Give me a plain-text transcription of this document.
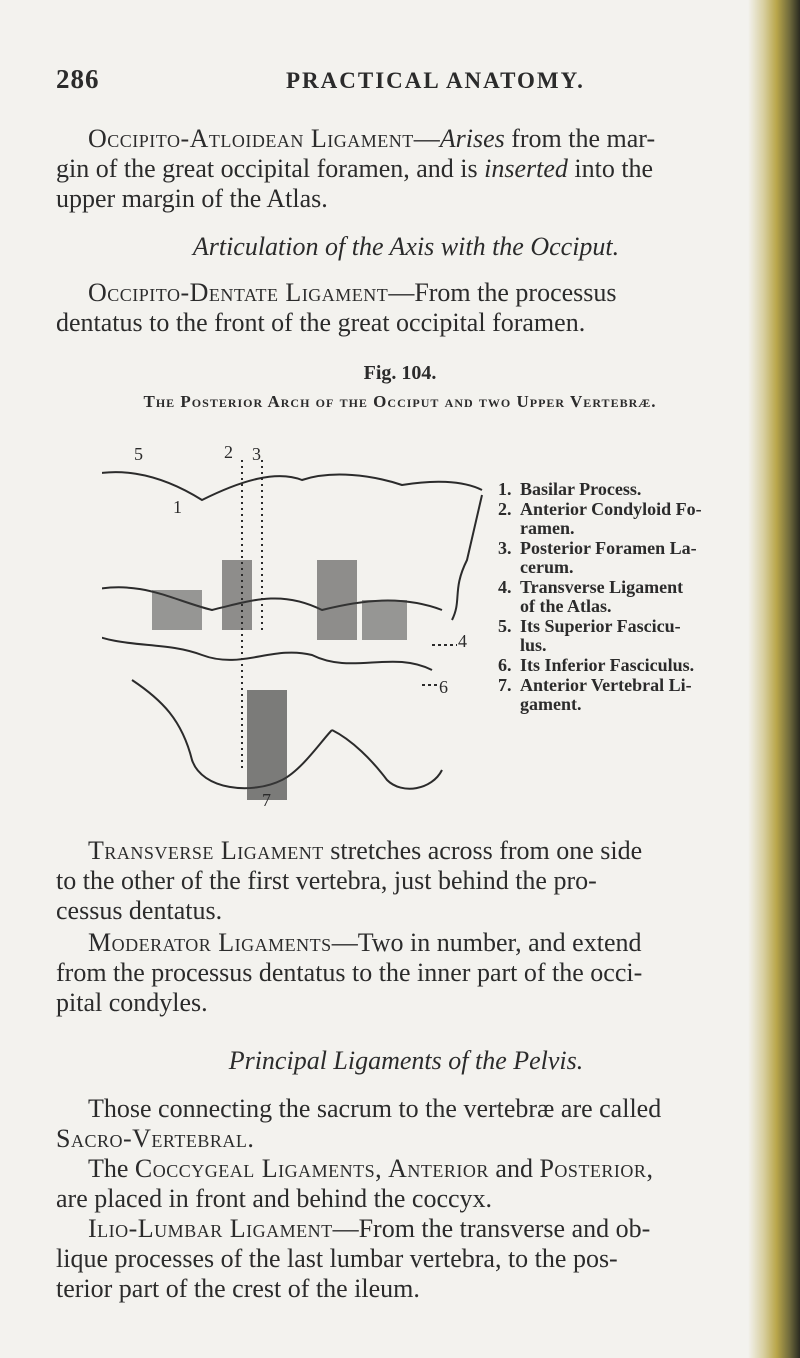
286	PRACTICAL ANATOMY.
Occipito-Atloidean Ligament—Arises from the mar-
gin of the great occipital foramen, and is inserted into the
upper margin of the Atlas.
Articulation of the Axis with the Occiput.
Occipito-Dentate Ligament—From the processus
dentatus to the front of the great occipital foramen.
Fig. 104.
The Posterior Arch of the Occiput and two Upper Vertebræ.
5	2 3
1
4
6
7
1. Basilar Process.
2. Anterior Condyloid Fo-
ramen.
3. Posterior Foramen La-
cerum.
4. Transverse Ligament
of the Atlas.
5. Its Superior Fascicu-
lus.
6. Its Inferior Fasciculus.
7. Anterior Vertebral Li-
gament.
Transverse Ligament stretches across from one side
to the other of the first vertebra, just behind the pro-
cessus dentatus.
Moderator Ligaments—Two in number, and extend
from the processus dentatus to the inner part of the occi-
pital condyles.
Principal Ligaments of the Pelvis.
Those connecting the sacrum to the vertebræ are called
Sacro-Vertebral.
The Coccygeal Ligaments, Anterior and Posterior,
are placed in front and behind the coccyx.
Ilio-Lumbar Ligament—From the transverse and ob-
lique processes of the last lumbar vertebra, to the pos-
terior part of the crest of the ileum.
